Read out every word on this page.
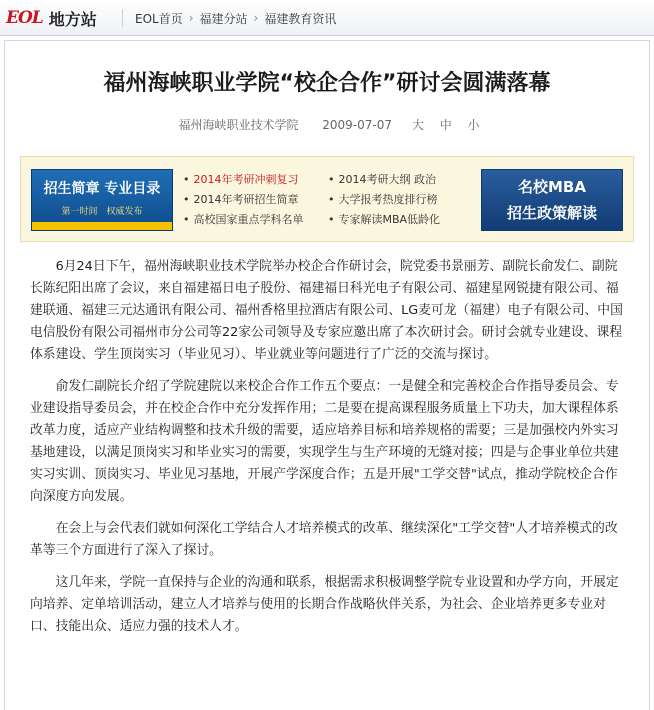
EOL 地方站	EOL首页 › 福建分站 › 福建教育资讯
福州海峡职业学院“校企合作”研讨会圆满落幕
福州海峡职业技术学院 2009-07-07 大 中 小
招生简章 专业目录
第一时间　权威发布
• 2014年考研冲刺复习	• 2014考研大纲 政治
• 2014年考研招生简章	• 大学报考热度排行榜
• 高校国家重点学科名单	• 专家解读MBA低龄化
名校MBA
招生政策解读

6月24日下午，福州海峡职业技术学院举办校企合作研讨会，院党委书景丽芳、副院长俞发仁、副院长陈纪阳出席了会议，来自福建福日电子股份、福建福日科光电子有限公司、福建星网锐捷有限公司、福建联通、福建三元达通讯有限公司、福州香格里拉酒店有限公司、LG麦可龙（福建）电子有限公司、中国电信股份有限公司福州市分公司等22家公司领导及专家应邀出席了本次研讨会。研讨会就专业建设、课程体系建设、学生顶岗实习（毕业见习）、毕业就业等问题进行了广泛的交流与探讨。

俞发仁副院长介绍了学院建院以来校企合作工作五个要点：一是健全和完善校企合作指导委员会、专业建设指导委员会，并在校企合作中充分发挥作用；二是要在提高课程服务质量上下功夫，加大课程体系改革力度，适应产业结构调整和技术升级的需要，适应培养目标和培养规格的需要；三是加强校内外实习基地建设，以满足顶岗实习和毕业实习的需要，实现学生与生产环境的无缝对接；四是与企事业单位共建实习实训、顶岗实习、毕业见习基地，开展产学深度合作；五是开展"工学交替"试点，推动学院校企合作向深度方向发展。

在会上与会代表们就如何深化工学结合人才培养模式的改革、继续深化"工学交替"人才培养模式的改革等三个方面进行了深入了探讨。

这几年来，学院一直保持与企业的沟通和联系，根据需求积极调整学院专业设置和办学方向，开展定向培养、定单培训活动，建立人才培养与使用的长期合作战略伙伴关系，为社会、企业培养更多专业对口、技能出众、适应力强的技术人才。
